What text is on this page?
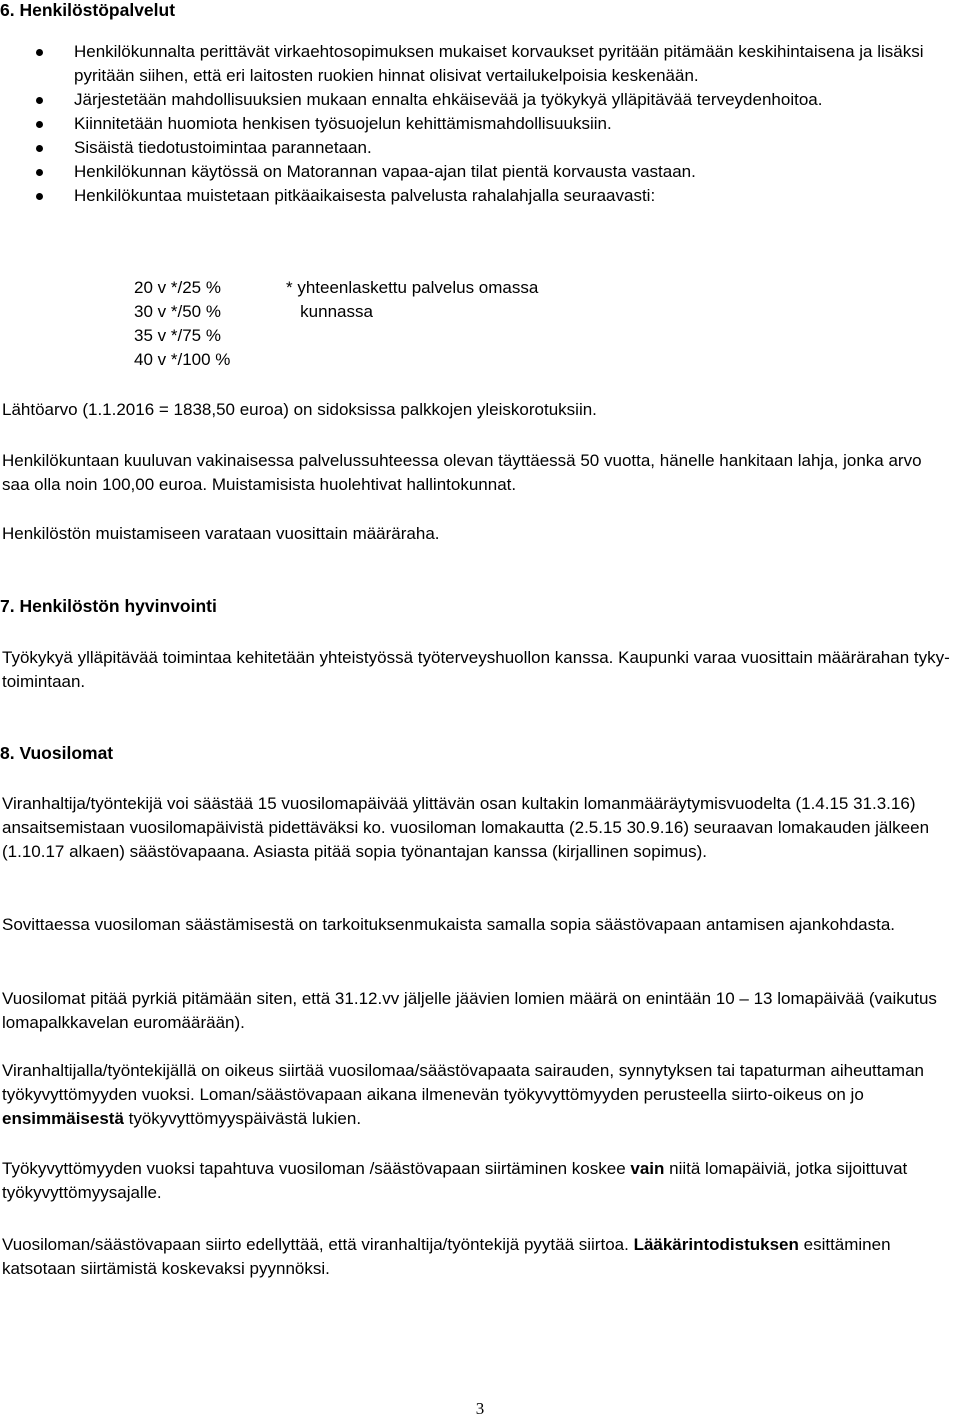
6. Henkilöstöpalvelut
Henkilökunnalta perittävät virkaehtosopimuksen mukaiset korvaukset pyritään pitämään keskihintaisena ja lisäksi pyritään siihen, että eri laitosten ruokien hinnat olisivat vertailukelpoisia keskenään.
Järjestetään mahdollisuuksien mukaan ennalta ehkäisevää ja työkykyä ylläpitävää terveydenhoitoa.
Kiinnitetään huomiota henkisen työsuojelun kehittämismahdollisuuksiin.
Sisäistä tiedotustoimintaa parannetaan.
Henkilökunnan käytössä on Matorannan vapaa-ajan tilat pientä korvausta vastaan.
Henkilökuntaa muistetaan pitkäaikaisesta palvelusta rahalahjalla seuraavasti:
20 v */25 %	* yhteenlaskettu palvelus omassa
30 v */50 %	kunnassa
35 v */75 %
40 v */100 %

Lähtöarvo (1.1.2016 = 1838,50 euroa) on sidoksissa palkkojen yleiskorotuksiin.

Henkilökuntaan kuuluvan vakinaisessa palvelussuhteessa olevan täyttäessä 50 vuotta, hänelle hankitaan lahja, jonka arvo saa olla noin 100,00 euroa. Muistamisista huolehtivat hallintokunnat.

Henkilöstön muistamiseen varataan vuosittain määräraha.

7. Henkilöstön hyvinvointi

Työkykyä ylläpitävää toimintaa kehitetään yhteistyössä työterveyshuollon kanssa. Kaupunki varaa vuosittain määrärahan tyky-toimintaan.

8. Vuosilomat

Viranhaltija/työntekijä voi säästää 15 vuosilomapäivää ylittävän osan kultakin lomanmääräytymisvuodelta (1.4.15 31.3.16) ansaitsemistaan vuosilomapäivistä pidettäväksi ko. vuosiloman lomakautta (2.5.15 30.9.16) seuraavan lomakauden jälkeen (1.10.17 alkaen) säästövapaana. Asiasta pitää sopia työnantajan kanssa (kirjallinen sopimus).

Sovittaessa vuosiloman säästämisestä on tarkoituksenmukaista samalla sopia säästövapaan antamisen ajankohdasta.

Vuosilomat pitää pyrkiä pitämään siten, että 31.12.vv jäljelle jäävien lomien määrä on enintään 10 – 13 lomapäivää (vaikutus lomapalkkavelan euromäärään).

Viranhaltijalla/työntekijällä on oikeus siirtää vuosilomaa/säästövapaata sairauden, synnytyksen tai tapaturman aiheuttaman työkyvyttömyyden vuoksi. Loman/säästövapaan aikana ilmenevän työkyvyttömyyden perusteella siirto-oikeus on jo ensimmäisestä työkyvyttömyyspäivästä lukien.

Työkyvyttömyyden vuoksi tapahtuva vuosiloman /säästövapaan siirtäminen koskee vain niitä lomapäiviä, jotka sijoittuvat työkyvyttömyysajalle.

Vuosiloman/säästövapaan siirto edellyttää, että viranhaltija/työntekijä pyytää siirtoa. Lääkärintodistuksen esittäminen katsotaan siirtämistä koskevaksi pyynnöksi.

3
